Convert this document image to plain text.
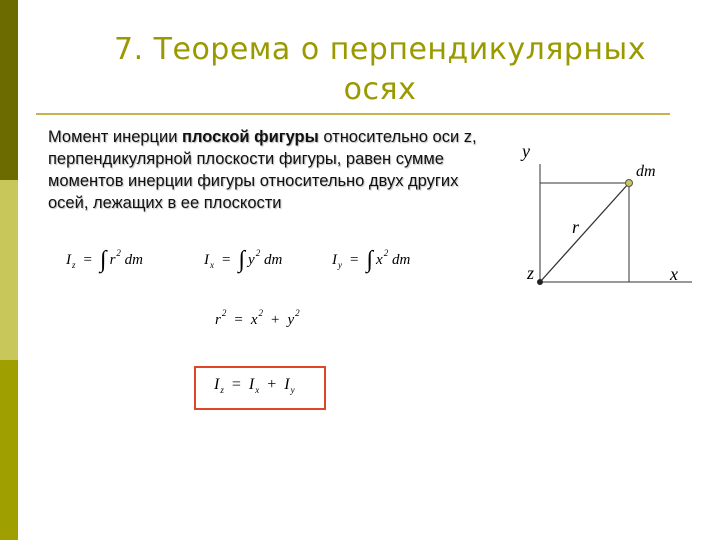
7. Теорема о перпендикулярных
осях
Момент инерции плоской фигуры относительно оси z, перпендикулярной плоскости фигуры, равен сумме моментов инерции фигуры относительно двух других осей, лежащих в ее плоскости
$I_z$ = ∫ $r^2$ dm	$I_x$ = ∫ $y^2$ dm	$I_y$ = ∫ $x^2$ dm
$r^2 = x^2 + y^2$
$I_z = I_x + I_y$
y
x
z
r
dm
